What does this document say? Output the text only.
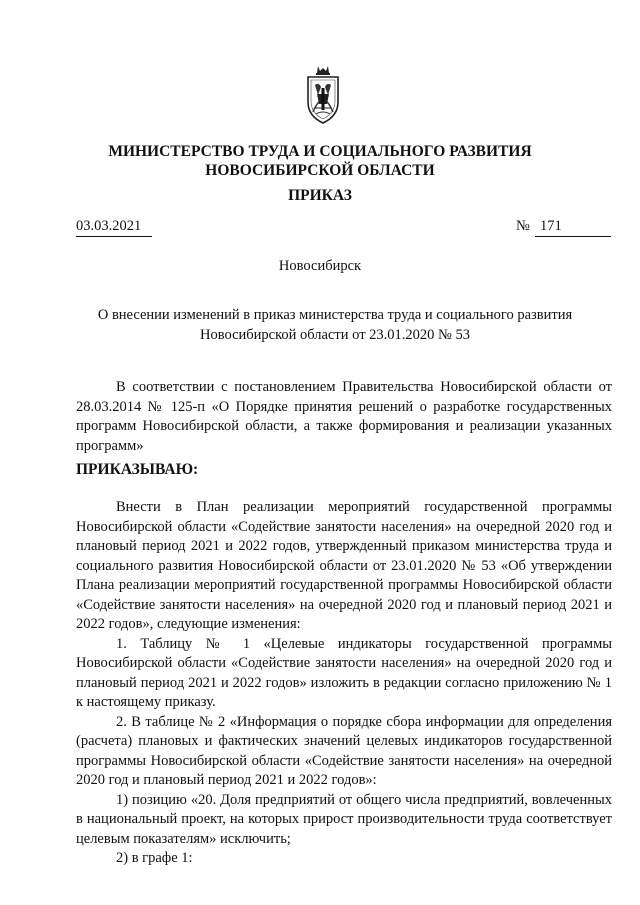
МИНИСТЕРСТВО ТРУДА И СОЦИАЛЬНОГО РАЗВИТИЯ
НОВОСИБИРСКОЙ ОБЛАСТИ
ПРИКАЗ
03.03.2021	№ 171
Новосибирск
О внесении изменений в приказ министерства труда и социального развития
Новосибирской области от 23.01.2020 № 53

В соответствии с постановлением Правительства Новосибирской области от 28.03.2014 № 125-п «О Порядке принятия решений о разработке государственных программ Новосибирской области, а также формирования и реализации указанных программ»

ПРИКАЗЫВАЮ:

Внести в План реализации мероприятий государственной программы Новосибирской области «Содействие занятости населения» на очередной 2020 год и плановый период 2021 и 2022 годов, утвержденный приказом министерства труда и социального развития Новосибирской области от 23.01.2020 № 53 «Об утверждении Плана реализации мероприятий государственной программы Новосибирской области «Содействие занятости населения» на очередной 2020 год и плановый период 2021 и 2022 годов», следующие изменения:

1. Таблицу № 1 «Целевые индикаторы государственной программы Новосибирской области «Содействие занятости населения» на очередной 2020 год и плановый период 2021 и 2022 годов» изложить в редакции согласно приложению № 1 к настоящему приказу.

2. В таблице № 2 «Информация о порядке сбора информации для определения (расчета) плановых и фактических значений целевых индикаторов государственной программы Новосибирской области «Содействие занятости населения» на очередной 2020 год и плановый период 2021 и 2022 годов»:

1) позицию «20. Доля предприятий от общего числа предприятий, вовлеченных в национальный проект, на которых прирост производительности труда соответствует целевым показателям» исключить;

2) в графе 1:
